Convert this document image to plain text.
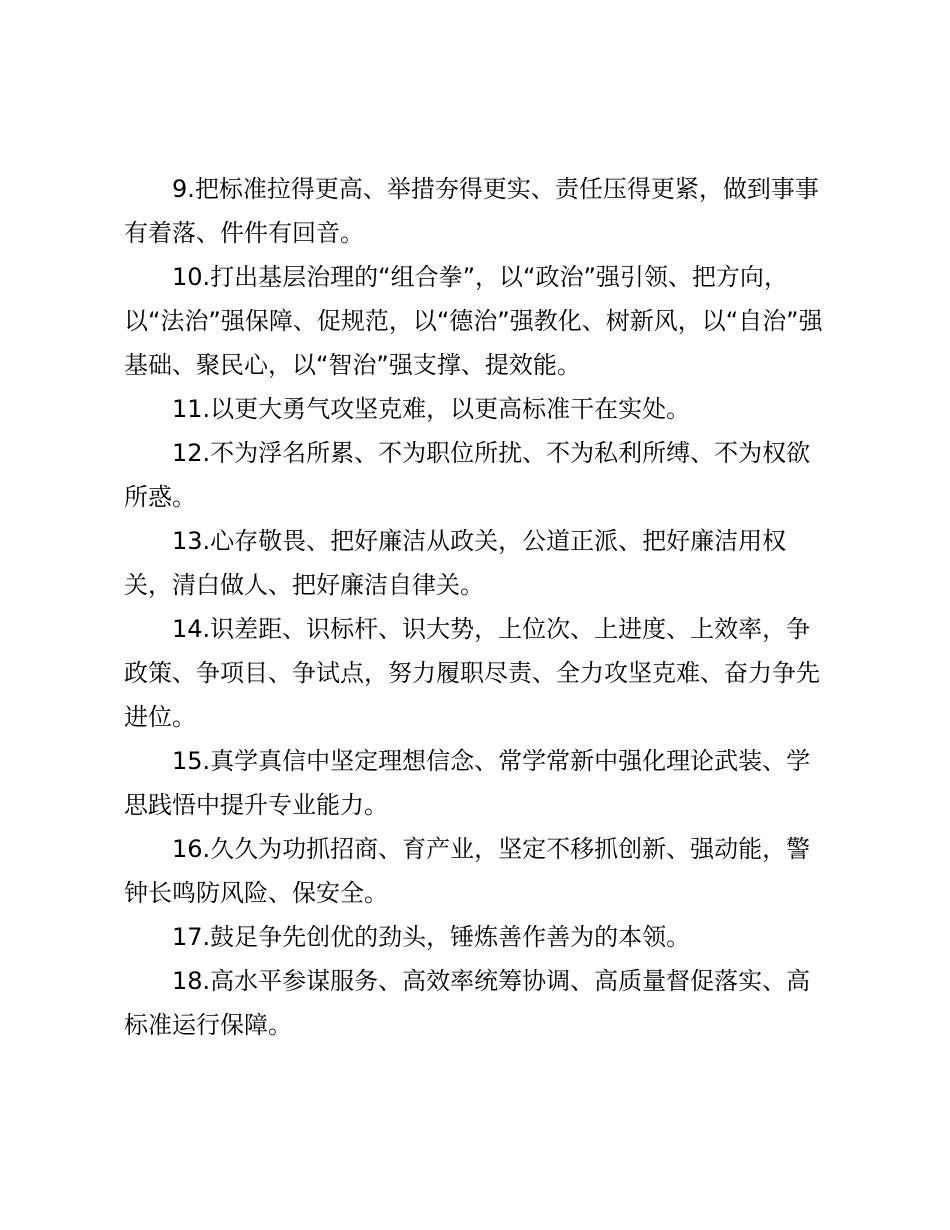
9.把标准拉得更高、举措夯得更实、责任压得更紧，做到事事有着落、件件有回音。

10.打出基层治理的“组合拳”，以“政治”强引领、把方向，以“法治”强保障、促规范，以“德治”强教化、树新风，以“自治”强基础、聚民心，以“智治”强支撑、提效能。

11.以更大勇气攻坚克难，以更高标准干在实处。

12.不为浮名所累、不为职位所扰、不为私利所缚、不为权欲所惑。

13.心存敬畏、把好廉洁从政关，公道正派、把好廉洁用权关，清白做人、把好廉洁自律关。

14.识差距、识标杆、识大势，上位次、上进度、上效率，争政策、争项目、争试点，努力履职尽责、全力攻坚克难、奋力争先进位。

15.真学真信中坚定理想信念、常学常新中强化理论武装、学思践悟中提升专业能力。

16.久久为功抓招商、育产业，坚定不移抓创新、强动能，警钟长鸣防风险、保安全。

17.鼓足争先创优的劲头，锤炼善作善为的本领。

18.高水平参谋服务、高效率统筹协调、高质量督促落实、高标准运行保障。
